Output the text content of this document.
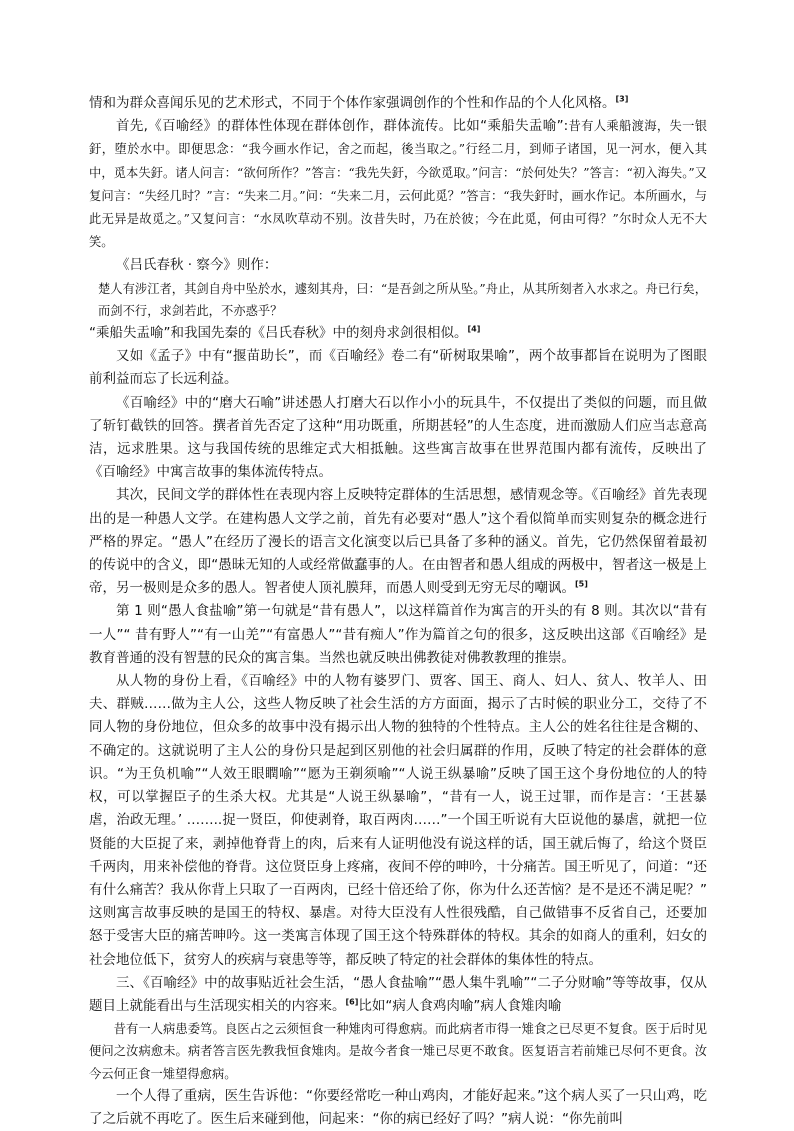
情和为群众喜闻乐见的艺术形式，不同于个体作家强调创作的个性和作品的个人化风格。[3]

首先,《百喻经》的群体性体现在群体创作，群体流传。比如“乘船失盂喻”:昔有人乘船渡海，失一银釪，堕於水中。即便思念：“我今画水作记，舍之而起，後当取之。”行经二月，到师子诸国，见一河水，便入其中，觅本失釪。诸人问言：“欲何所作？”答言：“我先失釪，今欲觅取。”问言：“於何处失？”答言：“初入海失。”又复问言：“失经几时？”言：“失来二月。”问：“失来二月，云何此觅？”答言：“我失釪时，画水作记。本所画水，与此无异是故觅之。”又复问言：“水凤吹草动不别。汝昔失时，乃在於彼；今在此觅，何由可得？”尔时众人无不大笑。

《吕氏春秋 · 察今》则作：

楚人有涉江者，其剑自舟中坠於水，遽刻其舟，曰：“是吾剑之所从坠。”舟止，从其所刻者入水求之。舟已行矣，而剑不行，求剑若此，不亦惑乎？

“乘船失盂喻”和我国先秦的《吕氏春秋》中的刻舟求剑很相似。[4]

又如《孟子》中有“揠苗助长”，而《百喻经》卷二有“斫树取果喻”，两个故事都旨在说明为了图眼前利益而忘了长远利益。

《百喻经》中的“磨大石喻”讲述愚人打磨大石以作小小的玩具牛，不仅提出了类似的问题，而且做了斩钉截铁的回答。撰者首先否定了这种“用功既重，所期甚轻”的人生态度，进而激励人们应当志意高洁，远求胜果。这与我国传统的思维定式大相抵触。这些寓言故事在世界范围内都有流传，反映出了《百喻经》中寓言故事的集体流传特点。

其次，民间文学的群体性在表现内容上反映特定群体的生活思想，感情观念等。《百喻经》首先表现出的是一种愚人文学。在建构愚人文学之前，首先有必要对“愚人”这个看似简单而实则复杂的概念进行严格的界定。“愚人”在经历了漫长的语言文化演变以后已具备了多种的涵义。首先，它仍然保留着最初的传说中的含义，即“愚昧无知的人或经常做蠢事的人。在由智者和愚人组成的两极中，智者这一极是上帝，另一极则是众多的愚人。智者使人顶礼膜拜，而愚人则受到无穷无尽的嘲讽。[5]

第 1 则“愚人食盐喻”第一句就是“昔有愚人”，以这样篇首作为寓言的开头的有 8 则。其次以“昔有一人”“ 昔有野人”“有一山羌”“有富愚人”“昔有痴人”作为篇首之句的很多，这反映出这部《百喻经》是教育普通的没有智慧的民众的寓言集。当然也就反映出佛教徒对佛教教理的推崇。

从人物的身份上看，《百喻经》中的人物有婆罗门、贾客、国王、商人、妇人、贫人、牧羊人、田夫、群贼……做为主人公，这些人物反映了社会生活的方方面面，揭示了古时候的职业分工，交待了不同人物的身份地位，但众多的故事中没有揭示出人物的独特的个性特点。主人公的姓名往往是含糊的、不确定的。这就说明了主人公的身份只是起到区别他的社会归属群的作用，反映了特定的社会群体的意识。“为王负机喻”“人效王眼瞤喻”“愿为王剃须喻”“人说王纵暴喻”反映了国王这个身份地位的人的特权，可以掌握臣子的生杀大权。尤其是“人说王纵暴喻”，“昔有一人，说王过罪，而作是言：‘王甚暴虐，治政无理。’ ……..捉一贤臣，仰使剥脊，取百两肉……”一个国王听说有大臣说他的暴虐，就把一位贤能的大臣捉了来，剥掉他脊背上的肉，后来有人证明他没有说这样的话，国王就后悔了，给这个贤臣千两肉，用来补偿他的脊背。这位贤臣身上疼痛，夜间不停的呻吟，十分痛苦。国王听见了，问道：“还有什么痛苦？我从你背上只取了一百两肉，已经十倍还给了你，你为什么还苦恼？是不是还不满足呢？” 这则寓言故事反映的是国王的特权、暴虐。对待大臣没有人性很残酷，自己做错事不反省自己，还要加怒于受害大臣的痛苦呻吟。这一类寓言体现了国王这个特殊群体的特权。其余的如商人的重利，妇女的社会地位低下，贫穷人的疾病与衰患等等，都反映了特定的社会群体的集体性的特点。

三、《百喻经》中的故事贴近社会生活，“愚人食盐喻”“愚人集牛乳喻”“二子分财喻”等等故事，仅从题目上就能看出与生活现实相关的内容来。[6]比如“病人食鸡肉喻”病人食雉肉喻

昔有一人病患委笃。良医占之云须恒食一种雉肉可得愈病。而此病者市得一雉食之已尽更不复食。医于后时见便问之汝病愈未。病者答言医先教我恒食雉肉。是故今者食一雉已尽更不敢食。医复语言若前雉已尽何不更食。汝今云何正食一雉望得愈病。

一个人得了重病，医生告诉他：“你要经常吃一种山鸡肉，才能好起来。”这个病人买了一只山鸡，吃了之后就不再吃了。医生后来碰到他，问起来：“你的病已经好了吗？”病人说：“你先前叫
